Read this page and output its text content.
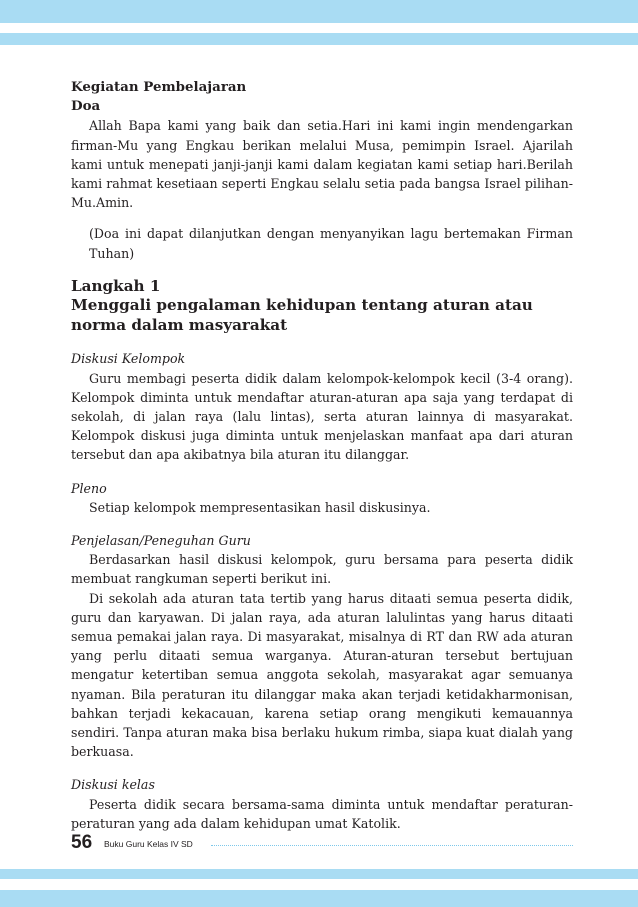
Kegiatan Pembelajaran
Doa

Allah Bapa kami yang baik dan setia.Hari ini kami ingin mendengarkan firman-Mu yang Engkau berikan melalui Musa, pemimpin Israel. Ajarilah kami untuk menepati janji-janji kami dalam kegiatan kami setiap hari.Berilah kami rahmat kesetiaan seperti Engkau selalu setia pada bangsa Israel pilihan-Mu.Amin.

(Doa ini dapat dilanjutkan dengan menyanyikan lagu bertemakan Firman Tuhan)

Langkah 1
Menggali pengalaman kehidupan tentang aturan atau norma dalam masyarakat
Diskusi Kelompok

Guru membagi peserta didik dalam kelompok-kelompok kecil (3-4 orang). Kelompok diminta untuk mendaftar aturan-aturan apa saja yang terdapat di sekolah, di jalan raya (lalu lintas), serta aturan lainnya di masyarakat. Kelompok diskusi juga diminta untuk menjelaskan manfaat apa dari aturan tersebut dan apa akibatnya bila aturan itu dilanggar.

Pleno

Setiap kelompok mempresentasikan hasil diskusinya.

Penjelasan/Peneguhan Guru

Berdasarkan hasil diskusi kelompok, guru bersama para peserta didik membuat rangkuman seperti berikut ini.

Di sekolah ada aturan tata tertib yang harus ditaati semua peserta didik, guru dan karyawan. Di jalan raya, ada aturan lalulintas yang harus ditaati semua pemakai jalan raya. Di masyarakat, misalnya di RT dan RW ada aturan yang perlu ditaati semua warganya. Aturan-aturan tersebut bertujuan mengatur ketertiban semua anggota sekolah, masyarakat agar semuanya nyaman. Bila peraturan itu dilanggar maka akan terjadi ketidakharmonisan, bahkan terjadi kekacauan, karena setiap orang mengikuti kemauannya sendiri. Tanpa aturan maka bisa berlaku hukum rimba, siapa kuat dialah yang berkuasa.

Diskusi kelas

Peserta didik secara bersama-sama diminta untuk mendaftar peraturan-peraturan yang ada dalam kehidupan umat Katolik.

56 Buku Guru Kelas IV SD
